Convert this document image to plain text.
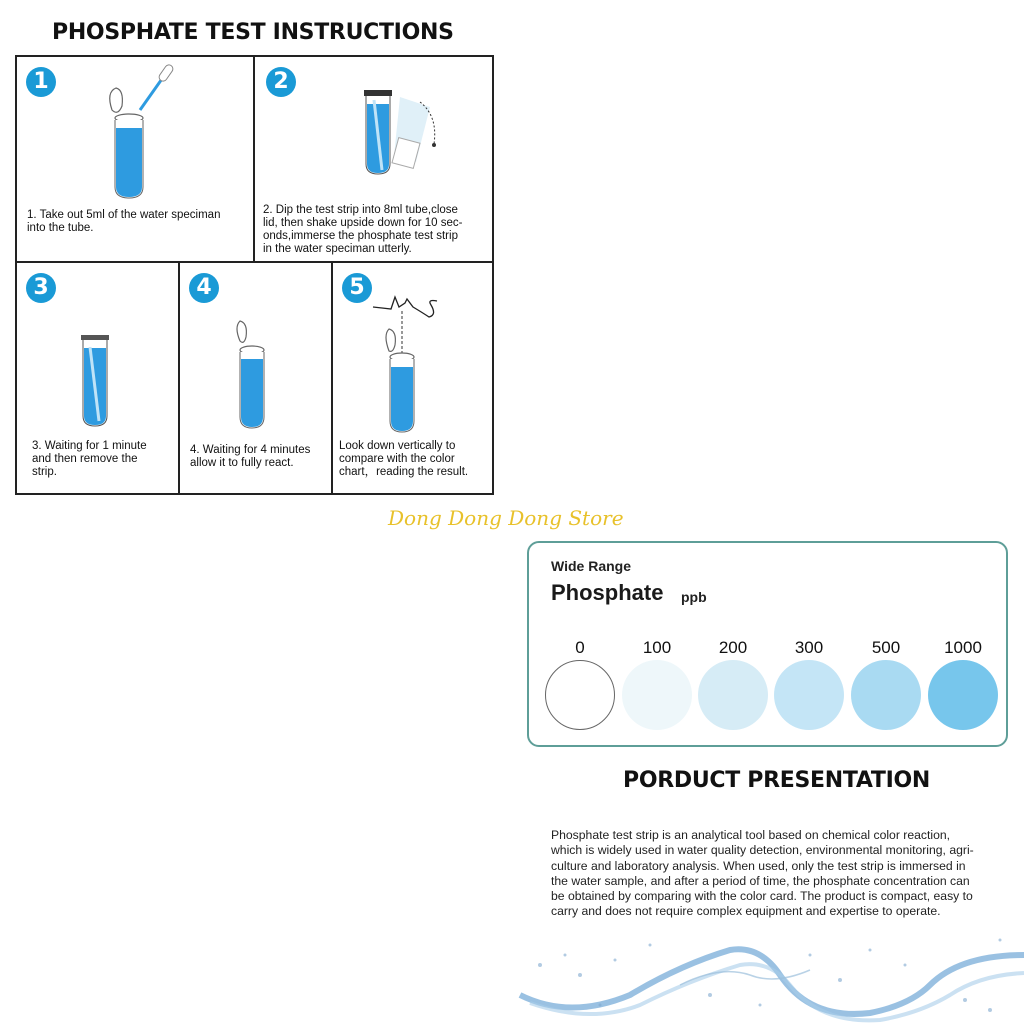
PHOSPHATE TEST INSTRUCTIONS
1
1. Take out 5ml of the water speciman
into the tube.
2
2. Dip the test strip into 8ml tube,close
lid, then shake upside down for 10 sec-
onds,immerse the phosphate test strip
in the water speciman utterly.
3
3. Waiting for 1 minute
and then remove the
strip.
4
4. Waiting for 4 minutes
allow it to fully react.
5
Look down vertically to
compare with the color
chart，reading the result.
Dong Dong Dong Store
Wide Range
Phosphate ppb
0	100	200	300	500	1000
PORDUCT PRESENTATION
Phosphate test strip is an analytical tool based on chemical color reaction,
which is widely used in water quality detection, environmental monitoring, agri-
culture and laboratory analysis. When used, only the test strip is immersed in
the water sample, and after a period of time, the phosphate concentration can
be obtained by comparing with the color card. The product is compact, easy to
carry and does not require complex equipment and expertise to operate.
